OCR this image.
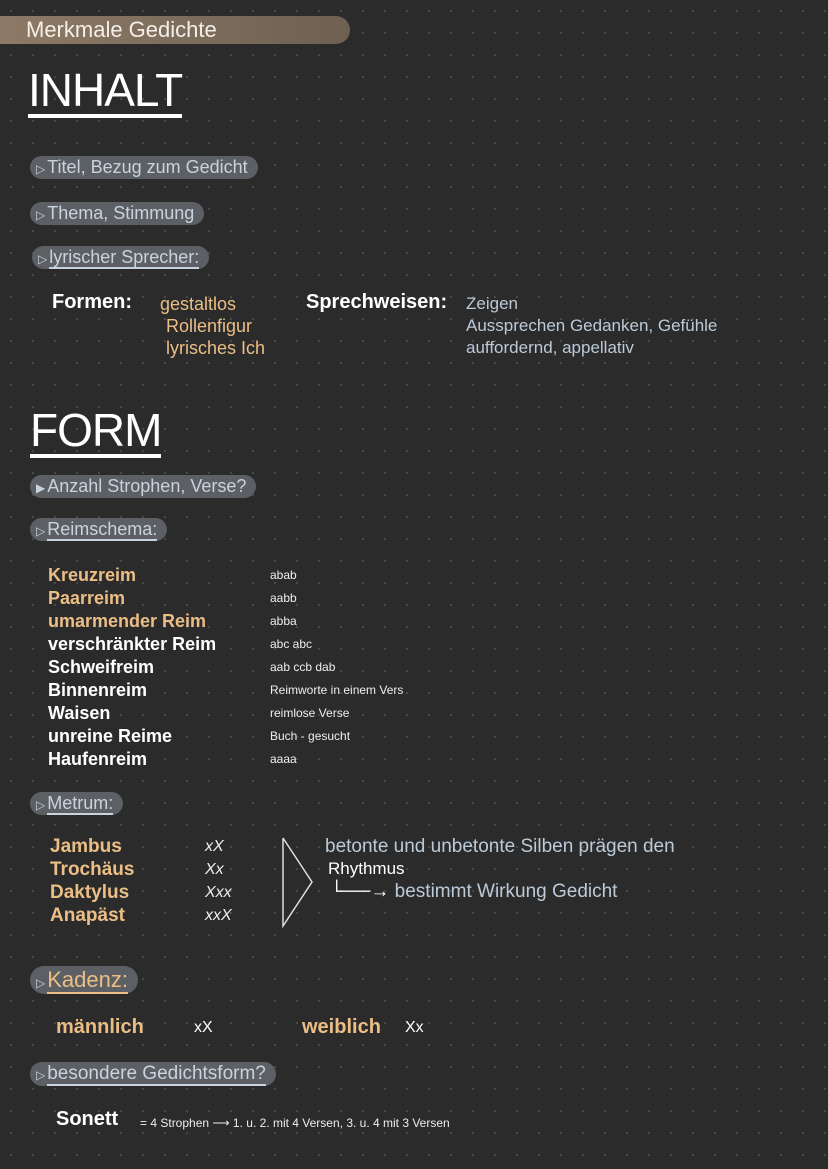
Merkmale Gedichte
INHALT
▷ Titel, Bezug zum Gedicht
▷ Thema, Stimmung
▷ lyrischer Sprecher:
Formen: gestaltlos
Rollenfigur
lyrisches Ich
Sprechweisen: Zeigen
Aussprechen Gedanken, Gefühle
auffordernd, appellativ
FORM
▶ Anzahl Strophen, Verse?
▷ Reimschema:
Kreuzreim	abab
Paarreim	aabb
umarmender Reim	abba
verschränkter Reim	abc abc
Schweifreim	aab ccb dab
Binnenreim	Reimworte in einem Vers
Waisen	reimlose Verse
unreine Reime	Buch - gesucht
Haufenreim	aaaa
▷ Metrum:
Jambus	xX
Trochäus	Xx
Daktylus	Xxx
Anapäst	xxX
betonte und unbetonte Silben prägen den
Rhythmus
└──→ bestimmt Wirkung Gedicht
▷Kadenz:
männlich	xX	weiblich Xx
▷ besondere Gedichtsform?
Sonett = 4 Strophen ⟶ 1. u. 2. mit 4 Versen, 3. u. 4 mit 3 Versen
